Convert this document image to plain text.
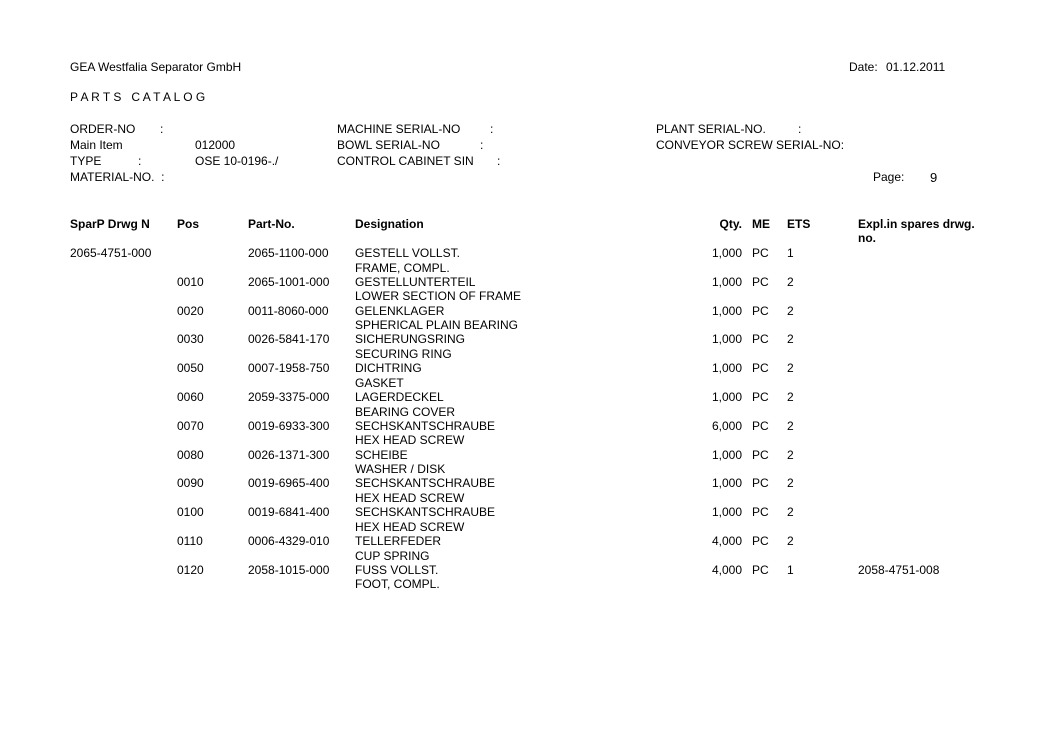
GEA Westfalia Separator GmbH	Date: 01.12.2011
P A R T S   C A T A L O G
ORDER-NO :
Main Item	012000
TYPE	:	OSE 10-0196-./
MATERIAL-NO.  :
MACHINE SERIAL-NO :
BOWL SERIAL-NO	:
CONTROL CABINET SIN :
PLANT SERIAL-NO.	:
CONVEYOR SCREW SERIAL-NO:
Page: 9
SparP Drwg N Pos	Part-No.	Designation	Qty. ME ETS	Expl.in spares drwg.
no.
2065-4751-000	2065-1100-000 GESTELL VOLLST.	1,000 PC 1
FRAME, COMPL.
0010	2065-1001-000 GESTELLUNTERTEIL	1,000 PC 2
LOWER SECTION OF FRAME
0020	0011-8060-000 GELENKLAGER	1,000 PC 2
SPHERICAL PLAIN BEARING
0030	0026-5841-170 SICHERUNGSRING	1,000 PC 2
SECURING RING
0050	0007-1958-750 DICHTRING	1,000 PC 2
GASKET
0060	2059-3375-000 LAGERDECKEL	1,000 PC 2
BEARING COVER
0070	0019-6933-300 SECHSKANTSCHRAUBE	6,000 PC 2
HEX HEAD SCREW
0080	0026-1371-300 SCHEIBE	1,000 PC 2
WASHER / DISK
0090	0019-6965-400 SECHSKANTSCHRAUBE	1,000 PC 2
HEX HEAD SCREW
0100	0019-6841-400 SECHSKANTSCHRAUBE	1,000 PC 2
HEX HEAD SCREW
0110	0006-4329-010 TELLERFEDER	4,000 PC 2
CUP SPRING
0120	2058-1015-000 FUSS VOLLST.	4,000 PC 1	2058-4751-008
FOOT, COMPL.
